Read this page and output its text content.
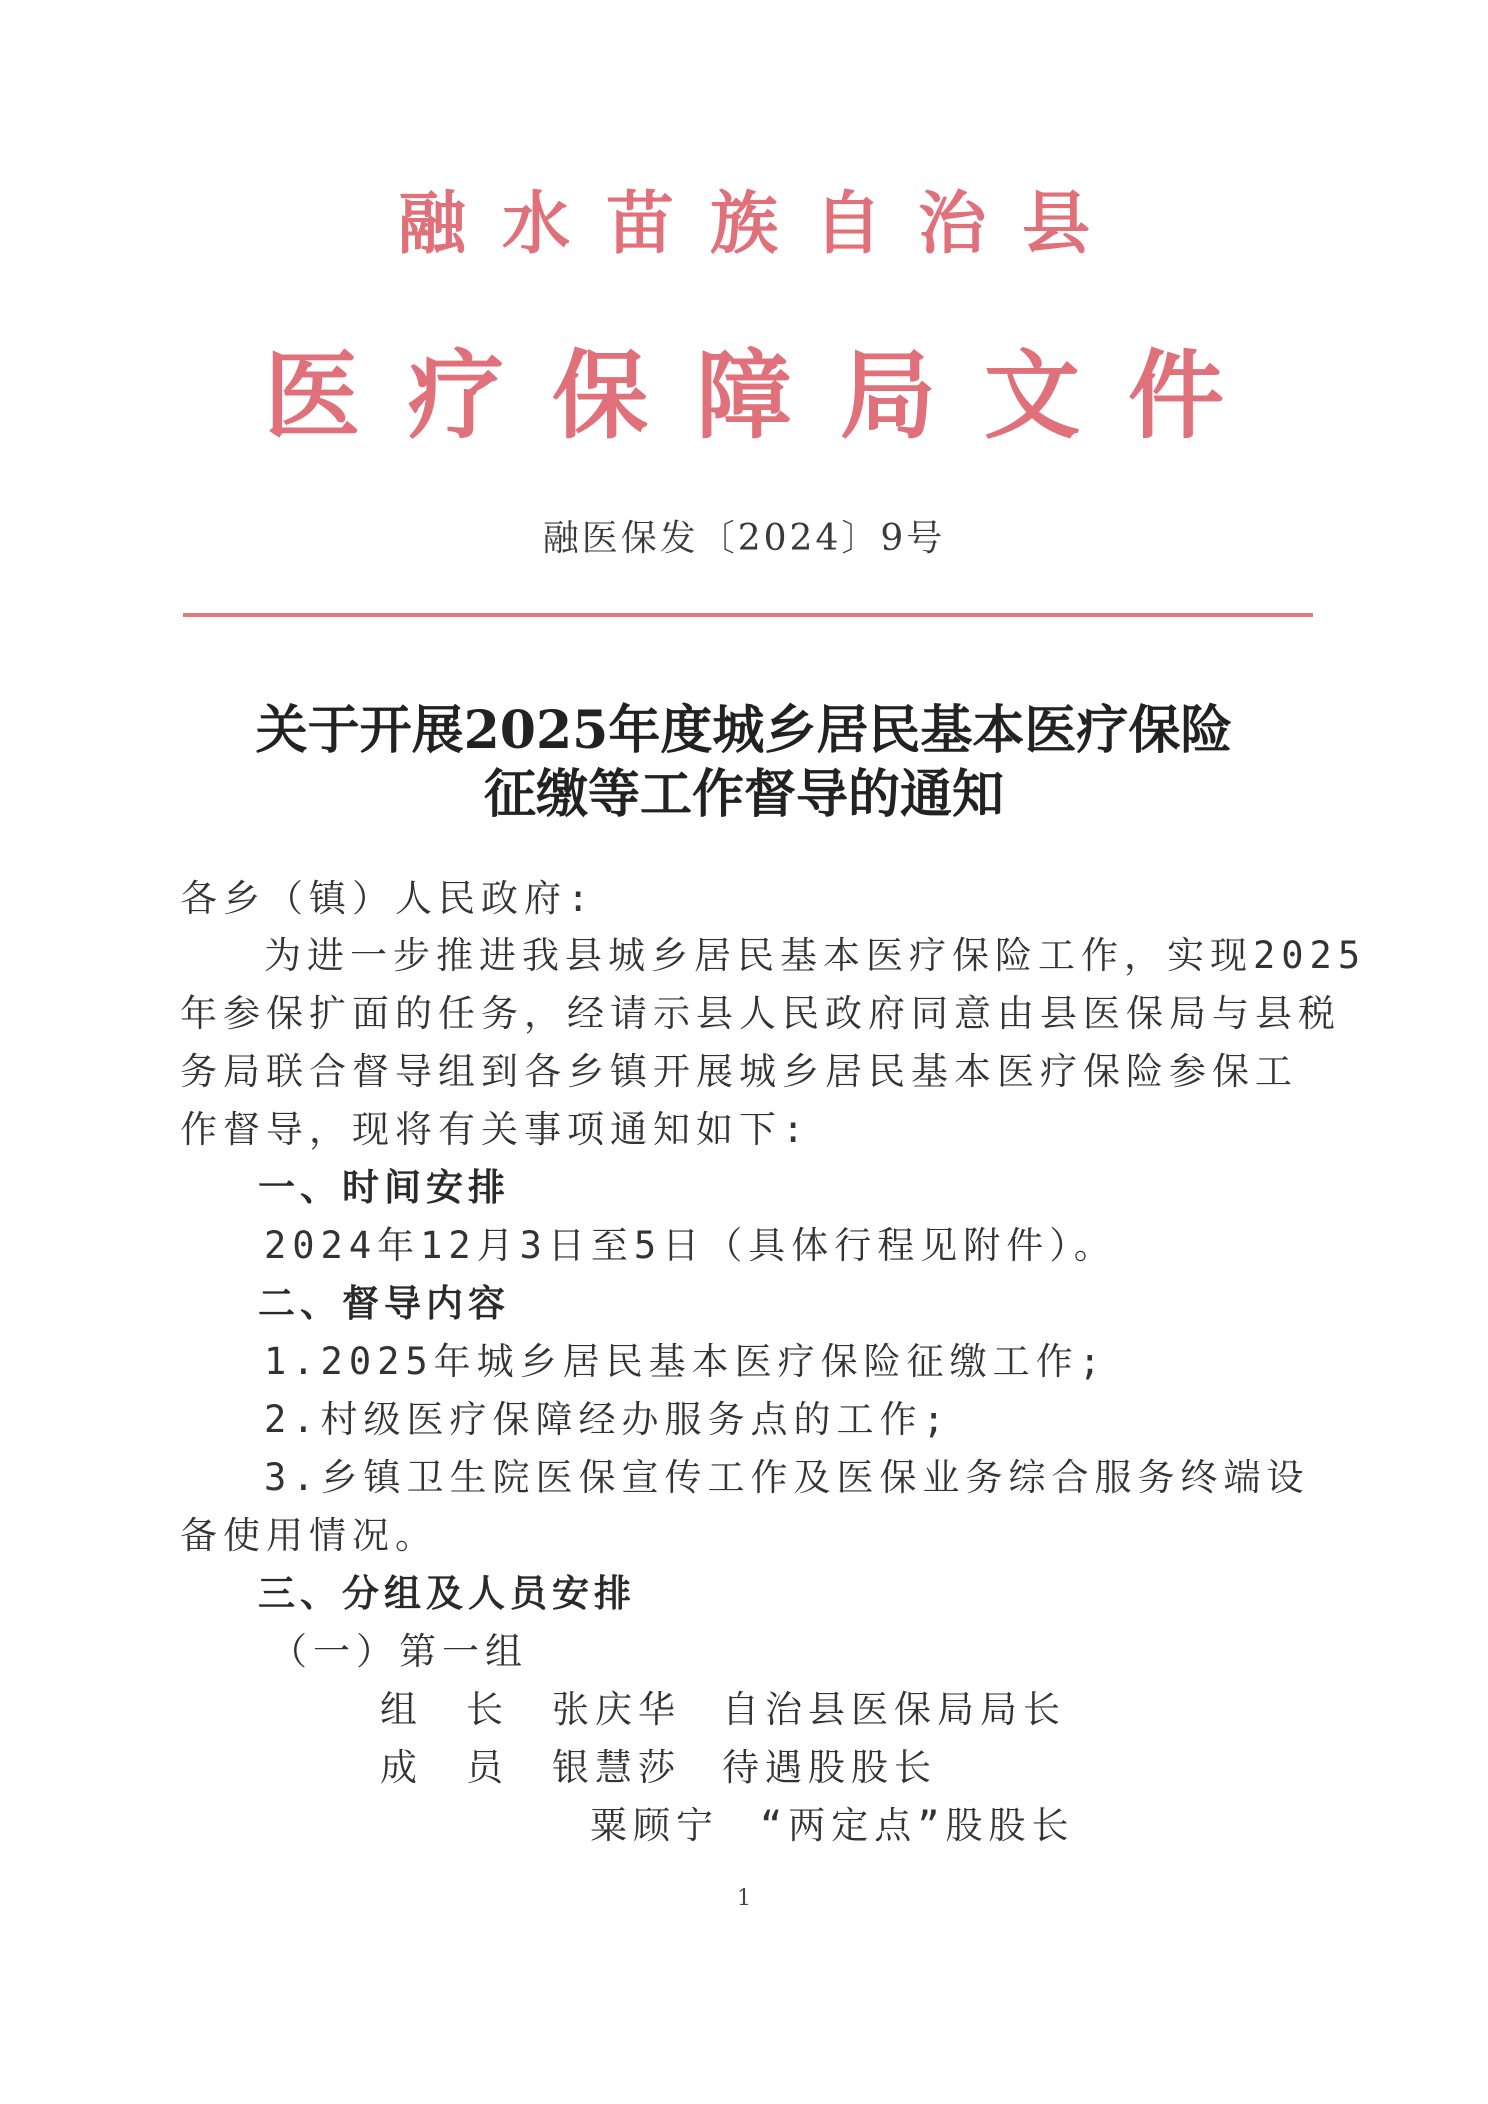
融水苗族自治县
医疗保障局文件
融医保发〔2024〕9号
关于开展2025年度城乡居民基本医疗保险
征缴等工作督导的通知
各乡（镇）人民政府:
为进一步推进我县城乡居民基本医疗保险工作，实现2025
年参保扩面的任务，经请示县人民政府同意由县医保局与县税
务局联合督导组到各乡镇开展城乡居民基本医疗保险参保工
作督导，现将有关事项通知如下:
一、时间安排
2024年12月3日至5日（具体行程见附件）。
二、督导内容
1.2025年城乡居民基本医疗保险征缴工作;
2.村级医疗保障经办服务点的工作;
3.乡镇卫生院医保宣传工作及医保业务综合服务终端设
备使用情况。
三、分组及人员安排
（一）第一组
组　长 张庆华 自治县医保局局长
成　员 银慧莎 待遇股股长
粟顾宁 “两定点”股股长
1
